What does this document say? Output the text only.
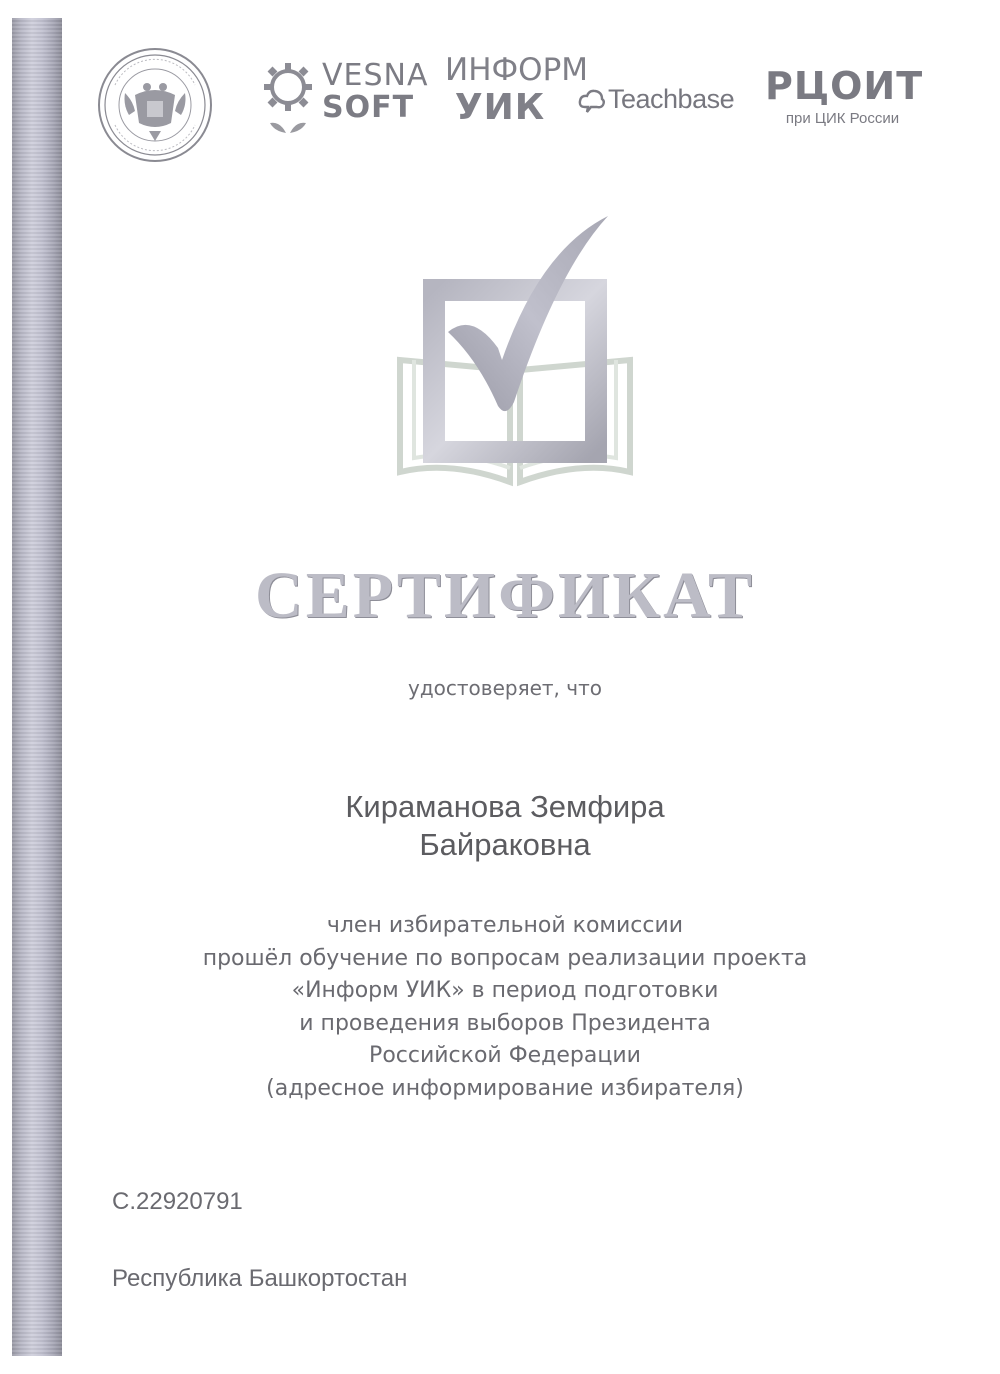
VESNA
SOFT
ИНФОРМ
УИК	Teachbase РЦОИТ
при ЦИК России
СЕРТИФИКАТ
удостоверяет, что
Кираманова Земфира
Байраковна
член избирательной комиссии
прошёл обучение по вопросам реализации проекта
«Информ УИК» в период подготовки
и проведения выборов Президента
Российской Федерации
(адресное информирование избирателя)
С.22920791
Республика Башкортостан
